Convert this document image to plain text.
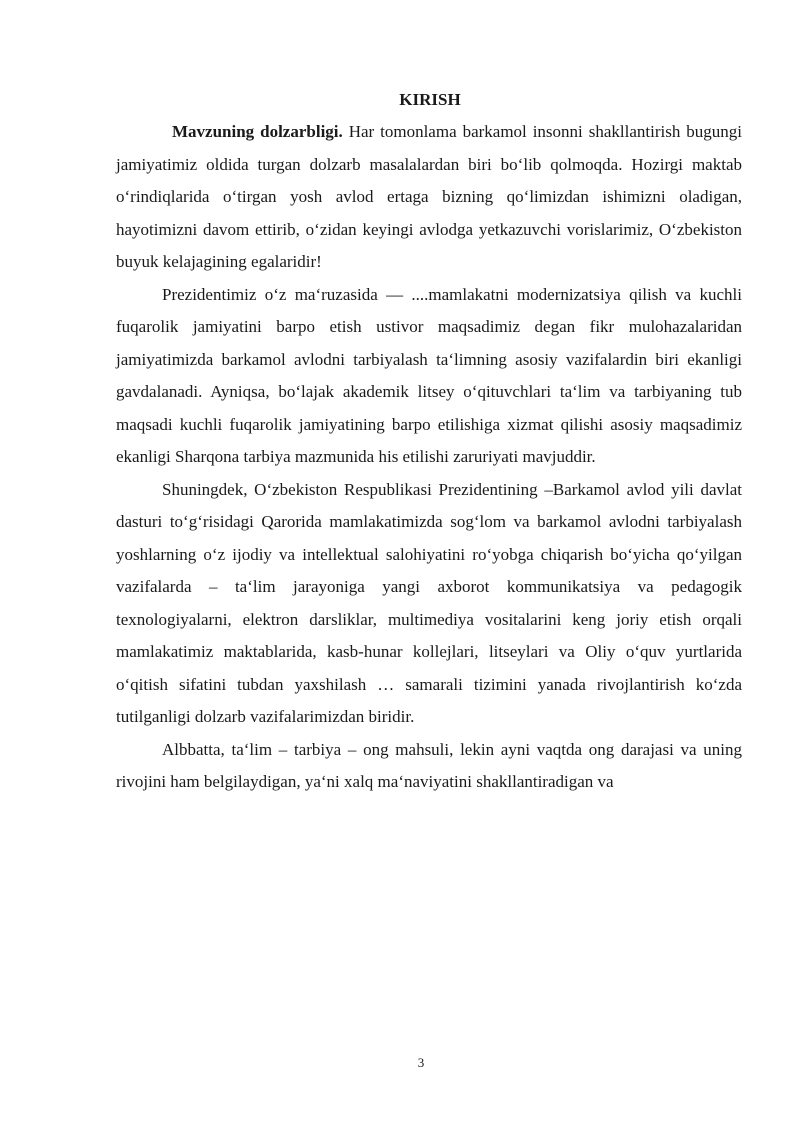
KIRISH

Mavzuning dolzarbligi. Har tomonlama barkamol insonni shakllantirish bugungi jamiyatimiz oldida turgan dolzarb masalalardan biri bo‘lib qolmoqda. Hozirgi maktab o‘rindiqlarida o‘tirgan yosh avlod ertaga bizning qo‘limizdan ishimizni oladigan, hayotimizni davom ettirib, o‘zidan keyingi avlodga yetkazuvchi vorislarimiz, O‘zbekiston buyuk kelajagining egalaridir!

Prezidentimiz o‘z ma‘ruzasida — ....mamlakatni modernizatsiya qilish va kuchli fuqarolik jamiyatini barpo etish ustivor maqsadimiz degan fikr mulohazalaridan jamiyatimizda barkamol avlodni tarbiyalash ta‘limning asosiy vazifalardin biri ekanligi gavdalanadi. Ayniqsa, bo‘lajak akademik litsey o‘qituvchlari ta‘lim va tarbiyaning tub maqsadi kuchli fuqarolik jamiyatining barpo etilishiga xizmat qilishi asosiy maqsadimiz ekanligi Sharqona tarbiya mazmunida his etilishi zaruriyati mavjuddir.

Shuningdek, O‘zbekiston Respublikasi Prezidentining –Barkamol avlod yili davlat dasturi to‘g‘risidagi Qarorida mamlakatimizda sog‘lom va barkamol avlodni tarbiyalash yoshlarning o‘z ijodiy va intellektual salohiyatini ro‘yobga chiqarish bo‘yicha qo‘yilgan vazifalarda – ta‘lim jarayoniga yangi axborot kommunikatsiya va pedagogik texnologiyalarni, elektron darsliklar, multimediya vositalarini keng joriy etish orqali mamlakatimiz maktablarida, kasb-hunar kollejlari, litseylari va Oliy o‘quv yurtlarida o‘qitish sifatini tubdan yaxshilash … samarali tizimini yanada rivojlantirish ko‘zda tutilganligi dolzarb vazifalarimizdan biridir.

Albbatta, ta‘lim – tarbiya – ong mahsuli, lekin ayni vaqtda ong darajasi va uning rivojini ham belgilaydigan, ya‘ni xalq ma‘naviyatini shakllantiradigan va

3
